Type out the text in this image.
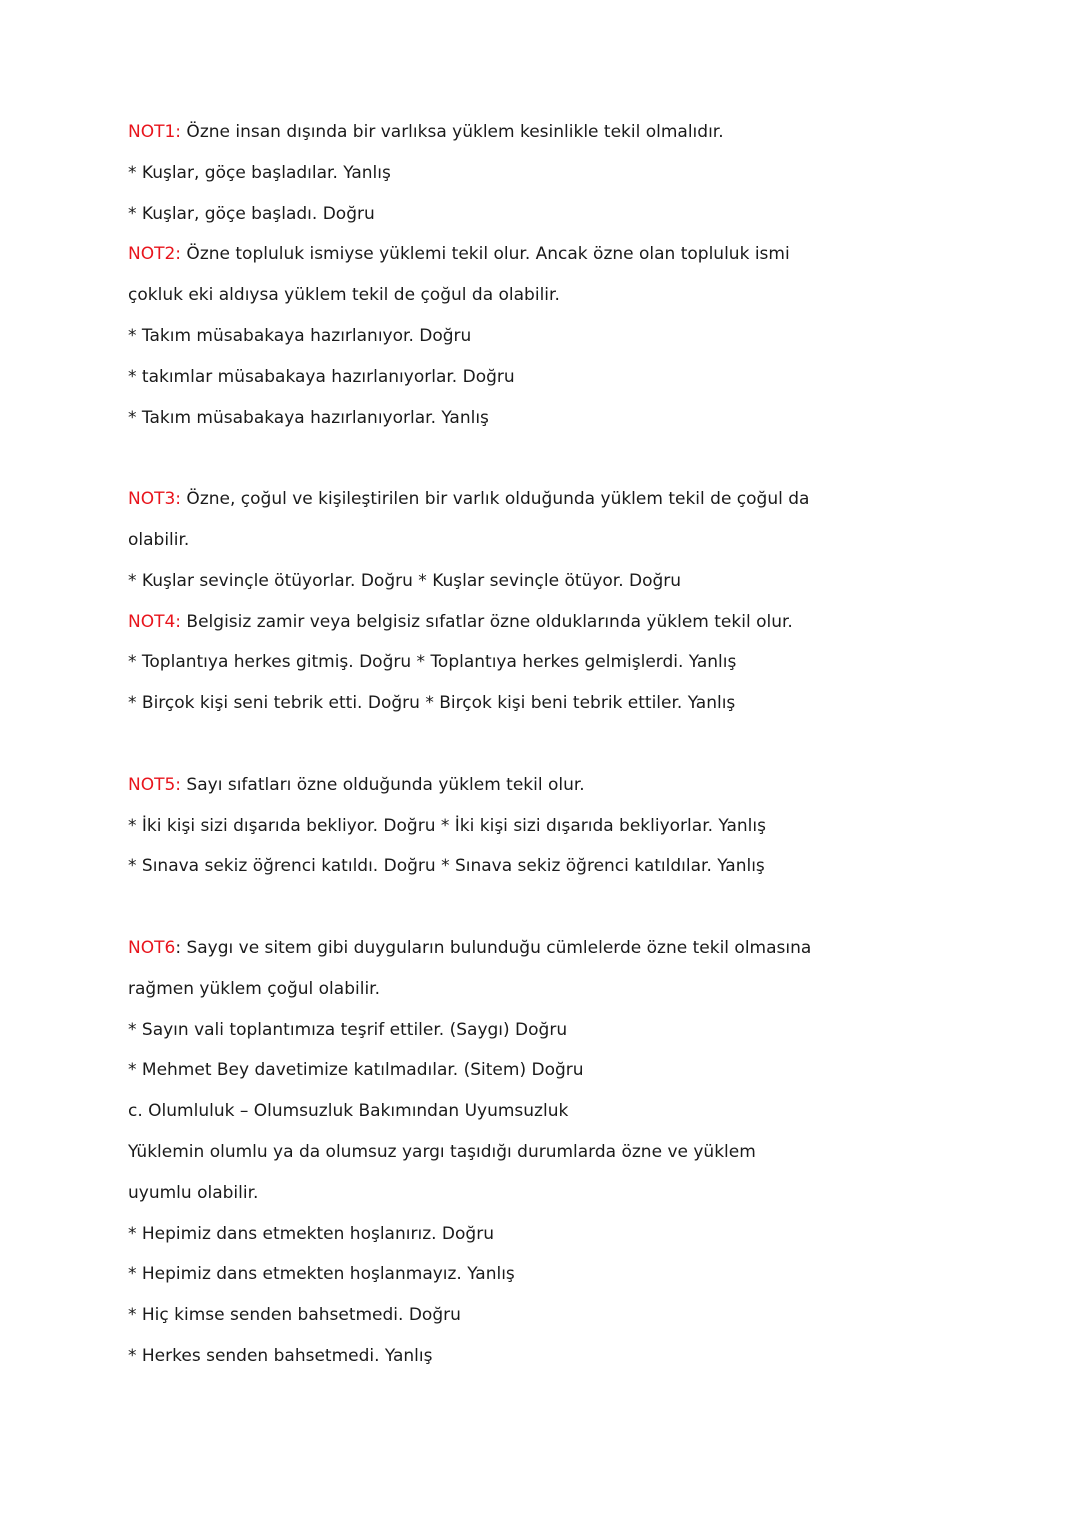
NOT1: Özne insan dışında bir varlıksa yüklem kesinlikle tekil olmalıdır.
* Kuşlar, göçe başladılar. Yanlış
* Kuşlar, göçe başladı. Doğru
NOT2: Özne topluluk ismiyse yüklemi tekil olur. Ancak özne olan topluluk ismi
çokluk eki aldıysa yüklem tekil de çoğul da olabilir.
* Takım müsabakaya hazırlanıyor. Doğru
* takımlar müsabakaya hazırlanıyorlar. Doğru
* Takım müsabakaya hazırlanıyorlar. Yanlış
NOT3: Özne, çoğul ve kişileştirilen bir varlık olduğunda yüklem tekil de çoğul da
olabilir.
* Kuşlar sevinçle ötüyorlar. Doğru * Kuşlar sevinçle ötüyor. Doğru
NOT4: Belgisiz zamir veya belgisiz sıfatlar özne olduklarında yüklem tekil olur.
* Toplantıya herkes gitmiş. Doğru * Toplantıya herkes gelmişlerdi. Yanlış
* Birçok kişi seni tebrik etti. Doğru * Birçok kişi beni tebrik ettiler. Yanlış
NOT5: Sayı sıfatları özne olduğunda yüklem tekil olur.
* İki kişi sizi dışarıda bekliyor. Doğru * İki kişi sizi dışarıda bekliyorlar. Yanlış
* Sınava sekiz öğrenci katıldı. Doğru * Sınava sekiz öğrenci katıldılar. Yanlış
NOT6: Saygı ve sitem gibi duyguların bulunduğu cümlelerde özne tekil olmasına
rağmen yüklem çoğul olabilir.
* Sayın vali toplantımıza teşrif ettiler. (Saygı) Doğru
* Mehmet Bey davetimize katılmadılar. (Sitem) Doğru
c. Olumluluk – Olumsuzluk Bakımından Uyumsuzluk
Yüklemin olumlu ya da olumsuz yargı taşıdığı durumlarda özne ve yüklem
uyumlu olabilir.
* Hepimiz dans etmekten hoşlanırız. Doğru
* Hepimiz dans etmekten hoşlanmayız. Yanlış
* Hiç kimse senden bahsetmedi. Doğru
* Herkes senden bahsetmedi. Yanlış
